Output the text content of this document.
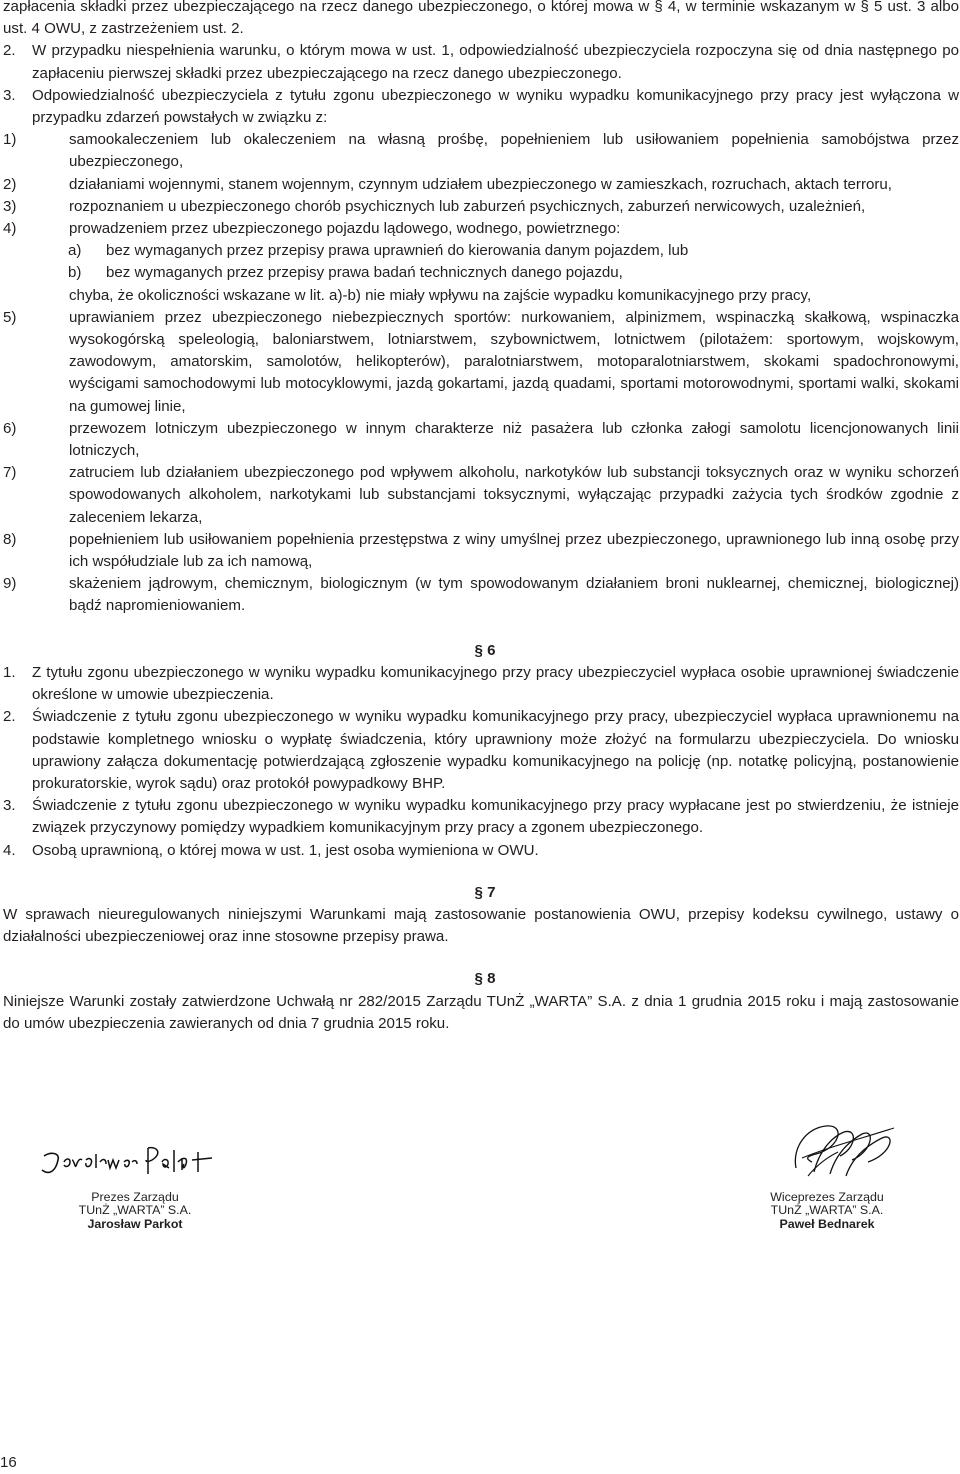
zapłacenia składki przez ubezpieczającego na rzecz danego ubezpieczonego, o której mowa w § 4, w terminie wskazanym w § 5 ust. 3 albo ust. 4 OWU, z zastrzeżeniem ust. 2.

2. W przypadku niespełnienia warunku, o którym mowa w ust. 1, odpowiedzialność ubezpieczyciela rozpoczyna się od dnia następnego po zapłaceniu pierwszej składki przez ubezpieczającego na rzecz danego ubezpieczonego.
3. Odpowiedzialność ubezpieczyciela z tytułu zgonu ubezpieczonego w wyniku wypadku komunikacyjnego przy pracy jest wyłączona w przypadku zdarzeń powstałych w związku z:
1)	samookaleczeniem lub okaleczeniem na własną prośbę, popełnieniem lub usiłowaniem popełnienia samobójstwa przez ubezpieczonego,
2)	działaniami wojennymi, stanem wojennym, czynnym udziałem ubezpieczonego w zamieszkach, rozruchach, aktach terroru,
3)	rozpoznaniem u ubezpieczonego chorób psychicznych lub zaburzeń psychicznych, zaburzeń nerwicowych, uzależnień,
4)	prowadzeniem przez ubezpieczonego pojazdu lądowego, wodnego, powietrznego:
a) bez wymaganych przez przepisy prawa uprawnień do kierowania danym pojazdem, lub
b) bez wymaganych przez przepisy prawa badań technicznych danego pojazdu,
chyba, że okoliczności wskazane w lit. a)-b) nie miały wpływu na zajście wypadku komunikacyjnego przy pracy,
5)	uprawianiem przez ubezpieczonego niebezpiecznych sportów: nurkowaniem, alpinizmem, wspinaczką skałkową, wspinaczka wysokogórską speleologią, baloniarstwem, lotniarstwem, szybownictwem, lotnictwem (pilotażem: sportowym, wojskowym, zawodowym, amatorskim, samolotów, helikopterów), paralotniarstwem, motoparalotniarstwem, skokami spadochronowymi, wyścigami samochodowymi lub motocyklowymi, jazdą gokartami, jazdą quadami, sportami motorowodnymi, sportami walki, skokami na gumowej linie,
6)	przewozem lotniczym ubezpieczonego w innym charakterze niż pasażera lub członka załogi samolotu licencjonowanych linii lotniczych,
7)	zatruciem lub działaniem ubezpieczonego pod wpływem alkoholu, narkotyków lub substancji toksycznych oraz w wyniku schorzeń spowodowanych alkoholem, narkotykami lub substancjami toksycznymi, wyłączając przypadki zażycia tych środków zgodnie z zaleceniem lekarza,
8)	popełnieniem lub usiłowaniem popełnienia przestępstwa z winy umyślnej przez ubezpieczonego, uprawnionego lub inną osobę przy ich współudziale lub za ich namową,
9)	skażeniem jądrowym, chemicznym, biologicznym (w tym spowodowanym działaniem broni nuklearnej, chemicznej, biologicznej) bądź napromieniowaniem.

§ 6

1. Z tytułu zgonu ubezpieczonego w wyniku wypadku komunikacyjnego przy pracy ubezpieczyciel wypłaca osobie uprawnionej świadczenie określone w umowie ubezpieczenia.
2. Świadczenie z tytułu zgonu ubezpieczonego w wyniku wypadku komunikacyjnego przy pracy, ubezpieczyciel wypłaca uprawnionemu na podstawie kompletnego wniosku o wypłatę świadczenia, który uprawniony może złożyć na formularzu ubezpieczyciela. Do wniosku uprawiony załącza dokumentację potwierdzającą zgłoszenie wypadku komunikacyjnego na policję (np. notatkę policyjną, postanowienie prokuratorskie, wyrok sądu) oraz protokół powypadkowy BHP.
3. Świadczenie z tytułu zgonu ubezpieczonego w wyniku wypadku komunikacyjnego przy pracy wypłacane jest po stwierdzeniu, że istnieje związek przyczynowy pomiędzy wypadkiem komunikacyjnym przy pracy a zgonem ubezpieczonego.
4. Osobą uprawnioną, o której mowa w ust. 1, jest osoba wymieniona w OWU.

§ 7

W sprawach nieuregulowanych niniejszymi Warunkami mają zastosowanie postanowienia OWU, przepisy kodeksu cywilnego, ustawy o działalności ubezpieczeniowej oraz inne stosowne przepisy prawa.

§ 8

Niniejsze Warunki zostały zatwierdzone Uchwałą nr 282/2015 Zarządu TUnŻ „WARTA” S.A. z dnia 1 grudnia 2015 roku i mają zastosowanie do umów ubezpieczenia zawieranych od dnia 7 grudnia 2015 roku.

Prezes Zarządu
TUnŻ „WARTA” S.A.
Jarosław Parkot
Wiceprezes Zarządu
TUnŻ „WARTA” S.A.
Paweł Bednarek
16
